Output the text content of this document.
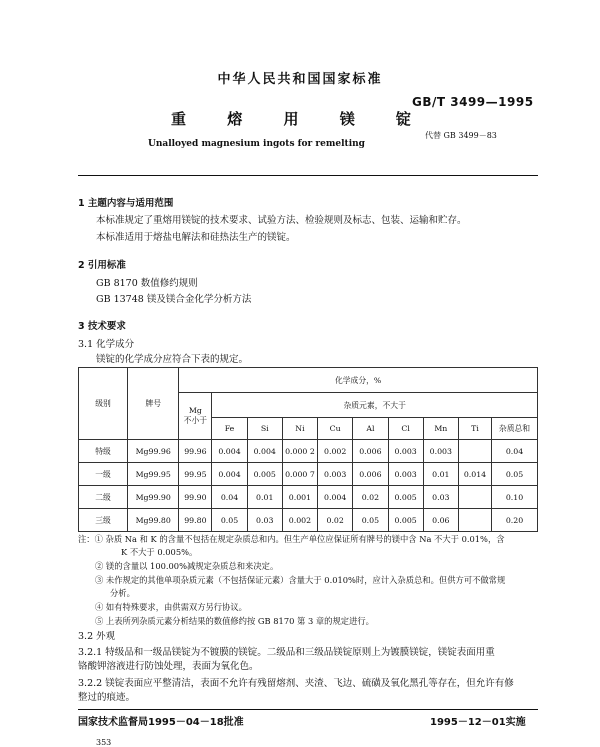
中华人民共和国国家标准
GB/T 3499—1995
重 熔 用 镁 锭
代替 GB 3499－83
Unalloyed magnesium ingots for remelting
1 主题内容与适用范围
本标准规定了重熔用镁锭的技术要求、试验方法、检验规则及标志、包装、运输和贮存。
本标准适用于熔盐电解法和硅热法生产的镁锭。
2 引用标准
GB 8170 数值修约规则
GB 13748 镁及镁合金化学分析方法
3 技术要求
3.1 化学成分
镁锭的化学成分应符合下表的规定。
级别	牌号	化学成分，%									
		Mg
不小于	杂质元素，不大于								
			Fe	Si	Ni	Cu	Al	Cl	Mn	Ti	杂质总和
特级	Mg99.96	99.96	0.004	0.004	0.000 2	0.002	0.006	0.003	0.003		0.04
一级	Mg99.95	99.95	0.004	0.005	0.000 7	0.003	0.006	0.003	0.01	0.014	0.05
二级	Mg99.90	99.90	0.04	0.01	0.001	0.004	0.02	0.005	0.03		0.10
三级	Mg99.80	99.80	0.05	0.03	0.002	0.02	0.05	0.005	0.06		0.20
注：① 杂质 Na 和 K 的含量不包括在规定杂质总和内。但生产单位应保证所有牌号的镁中含 Na 不大于 0.01%，含
K 不大于 0.005%。
② 镁的含量以 100.00%减规定杂质总和来决定。
③ 未作规定的其他单项杂质元素（不包括保证元素）含量大于 0.010%时，应计入杂质总和。但供方可不做常规
分析。
④ 如有特殊要求，由供需双方另行协议。
⑤ 上表所列杂质元素分析结果的数值修约按 GB 8170 第 3 章的规定进行。
3.2 外观
3.2.1 特级品和一级品镁锭为不镀膜的镁锭。二级品和三级品镁锭原则上为镀膜镁锭，镁锭表面用重
铬酸钾溶液进行防蚀处理，表面为氧化色。
3.2.2 镁锭表面应平整清洁，表面不允许有残留熔剂、夹渣、飞边、硫磺及氧化黑孔等存在，但允许有修
整过的痕迹。
国家技术监督局1995－04－18批准	1995－12－01实施
353
